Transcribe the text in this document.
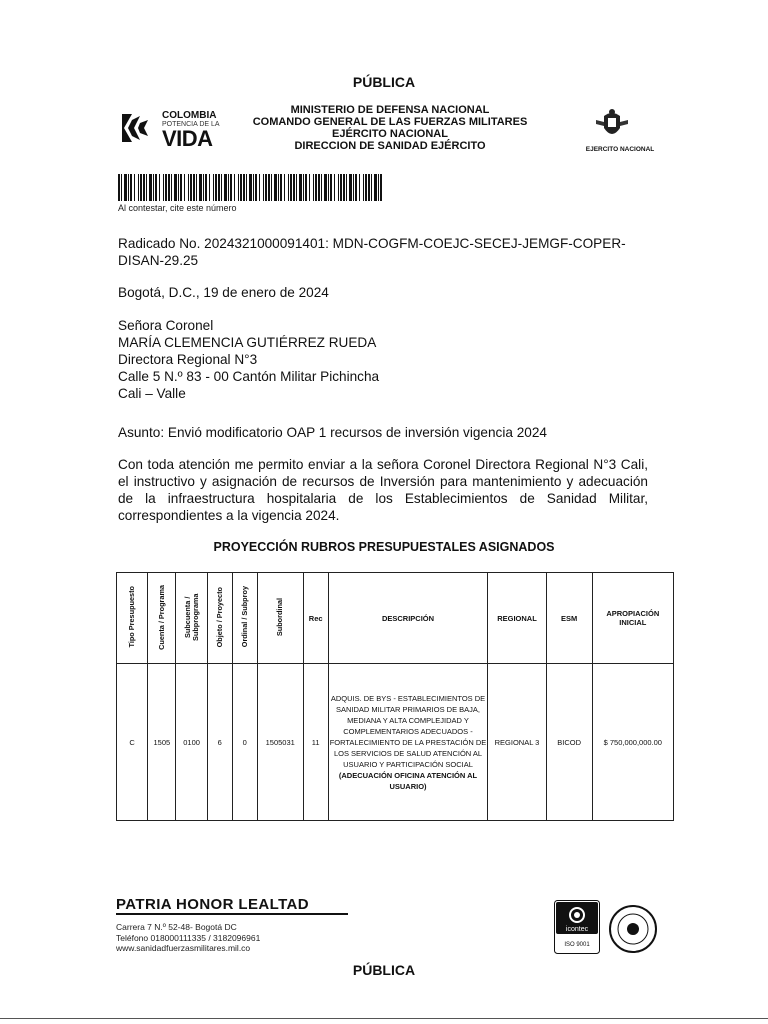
PÚBLICA
COLOMBIA
POTENCIA DE LA
VIDA
MINISTERIO DE DEFENSA NACIONAL
COMANDO GENERAL DE LAS FUERZAS MILITARES
EJÉRCITO NACIONAL
DIRECCION DE SANIDAD EJÉRCITO	EJERCITO NACIONAL
Al contestar, cite este número
Radicado No. 2024321000091401: MDN-COGFM-COEJC-SECEJ-JEMGF-COPER-DISAN-29.25
Bogotá, D.C., 19 de enero de 2024
Señora Coronel
MARÍA CLEMENCIA GUTIÉRREZ RUEDA
Directora Regional N°3
Calle 5 N.º 83 - 00 Cantón Militar Pichincha
Cali – Valle
Asunto: Envió modificatorio OAP 1 recursos de inversión vigencia 2024
Con toda atención me permito enviar a la señora Coronel Directora Regional N°3 Cali, el instructivo y asignación de recursos de Inversión para mantenimiento y adecuación de la infraestructura hospitalaria de los Establecimientos de Sanidad Militar, correspondientes a la vigencia 2024.
PROYECCIÓN RUBROS PRESUPUESTALES ASIGNADOS
Tipo Presupuesto	Cuenta / Programa	Subcuenta / Subprograma	Objeto / Proyecto	Ordinal / Subproy	Subordinal	Rec	DESCRIPCIÓN	REGIONAL	ESM	APROPIACIÓN INICIAL
C	1505	0100	6	0	1505031	11	ADQUIS. DE BYS - ESTABLECIMIENTOS DE SANIDAD MILITAR PRIMARIOS DE BAJA, MEDIANA Y ALTA COMPLEJIDAD Y COMPLEMENTARIOS ADECUADOS - FORTALECIMIENTO DE LA PRESTACIÓN DE LOS SERVICIOS DE SALUD ATENCIÓN AL USUARIO Y PARTICIPACIÓN SOCIAL
(ADECUACIÓN OFICINA ATENCIÓN AL USUARIO)	REGIONAL 3	BICOD	$ 750,000,000.00
PATRIA HONOR LEALTAD
Carrera 7 N.º 52-48- Bogotá DC
Teléfono 018000111335 / 3182096961
www.sanidadfuerzasmilitares.mil.co
icontec
ISO 9001
PÚBLICA
